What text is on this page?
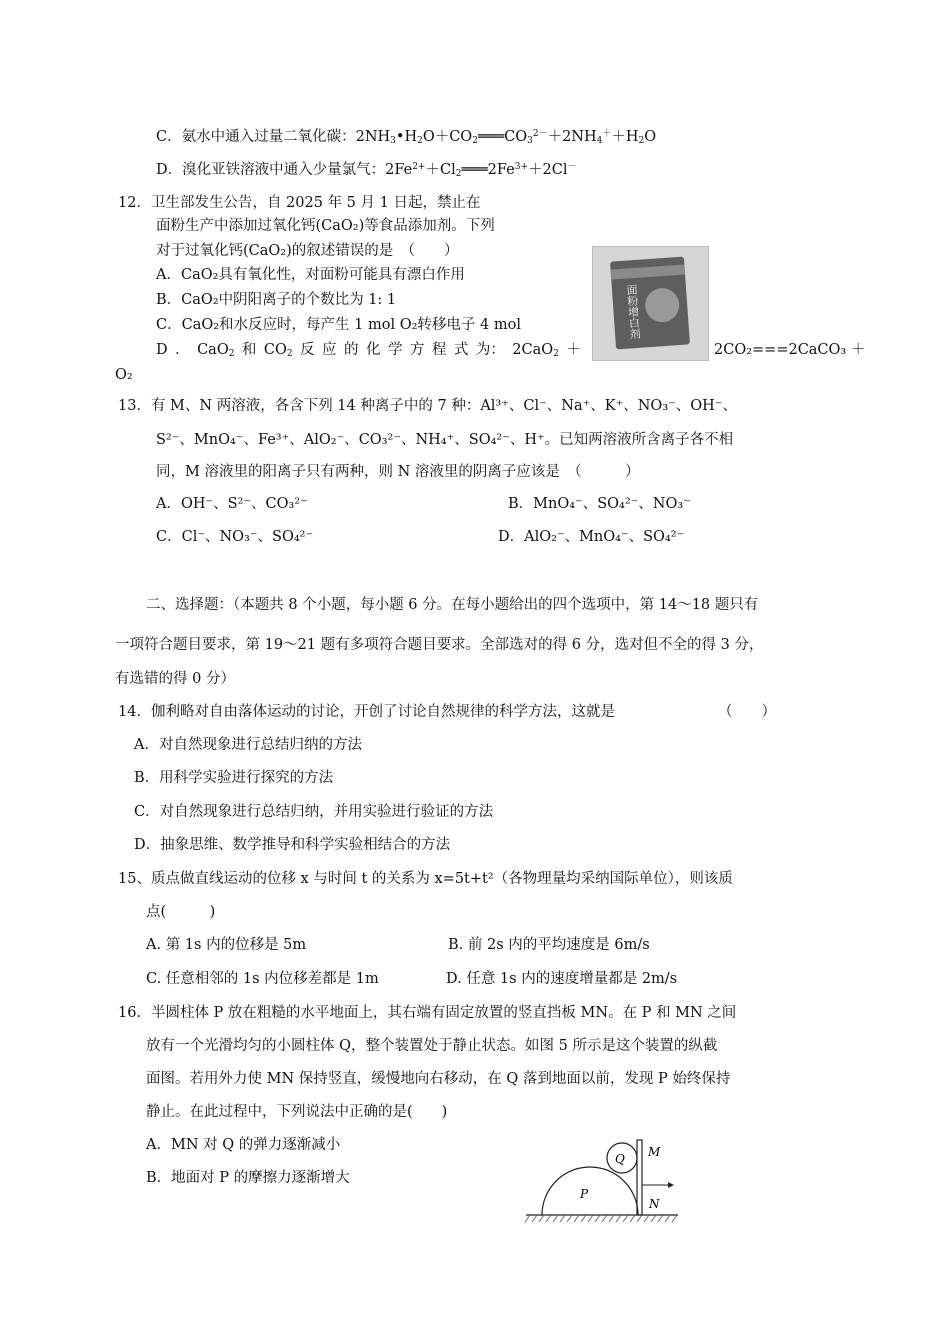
C．氨水中通入过量二氧化碳：$2NH_3•H_2O+CO_2═══CO_3^{2-}+2NH_4^++H_2O$
D．溴化亚铁溶液中通入少量氯气：$2Fe^{2+}+Cl_2═══2Fe^{3+}+2Cl^-$
12．卫生部发生公告，自 2025 年 5 月 1 日起，禁止在
面粉生产中添加过氧化钙(CaO₂)等食品添加剂。下列
对于过氧化钙(CaO₂)的叙述错误的是　（　　）
A．CaO₂具有氧化性，对面粉可能具有漂白作用
B．CaO₂中阴阳离子的个数比为 1: 1
C．CaO₂和水反应时，每产生 1 mol O₂转移电子 4 mol
D ． CaO$_2$ 和 $CO_2$ 反 应 的 化 学 方 程 式 为： 2CaO$_2$ ＋	2CO₂===2CaCO₃ ＋
O₂
面粉增白剂
13．有 M、N 两溶液，各含下列 14 种离子中的 7 种：Al³⁺、Cl⁻、Na⁺、K⁺、NO₃⁻、OH⁻、
S²⁻、MnO₄⁻、Fe³⁺、AlO₂⁻、CO₃²⁻、NH₄⁺、SO₄²⁻、H⁺。已知两溶液所含离子各不相
同，M 溶液里的阳离子只有两种，则 N 溶液里的阴离子应该是　（　　　）
A．OH⁻、S²⁻、CO₃²⁻	B．MnO₄⁻、SO₄²⁻、NO₃⁻
C．Cl⁻、NO₃⁻、SO₄²⁻	D．AlO₂⁻、MnO₄⁻、SO₄²⁻
二、选择题：（本题共 8 个小题，每小题 6 分。在每小题给出的四个选项中，第 14～18 题只有
一项符合题目要求，第 19～21 题有多项符合题目要求。全部选对的得 6 分，选对但不全的得 3 分，
有选错的得 0 分）
14．伽利略对自由落体运动的讨论，开创了讨论自然规律的科学方法，这就是	（　　）
A．对自然现象进行总结归纳的方法
B．用科学实验进行探究的方法
C．对自然现象进行总结归纳，并用实验进行验证的方法
D．抽象思维、数学推导和科学实验相结合的方法
15、质点做直线运动的位移 x 与时间 t 的关系为 x=5t+t²（各物理量均采纳国际单位），则该质
点(　　　)
A. 第 1s 内的位移是 5m	B. 前 2s 内的平均速度是 6m/s
C. 任意相邻的 1s 内位移差都是 1m	D. 任意 1s 内的速度增量都是 2m/s
16．半圆柱体 P 放在粗糙的水平地面上，其右端有固定放置的竖直挡板 MN。在 P 和 MN 之间
放有一个光滑均匀的小圆柱体 Q，整个装置处于静止状态。如图 5 所示是这个装置的纵截
面图。若用外力使 MN 保持竖直，缓慢地向右移动，在 Q 落到地面以前，发现 P 始终保持
静止。在此过程中，下列说法中正确的是(　　)
A．MN 对 Q 的弹力逐渐减小
B．地面对 P 的摩擦力逐渐增大
Q
P
M
N
